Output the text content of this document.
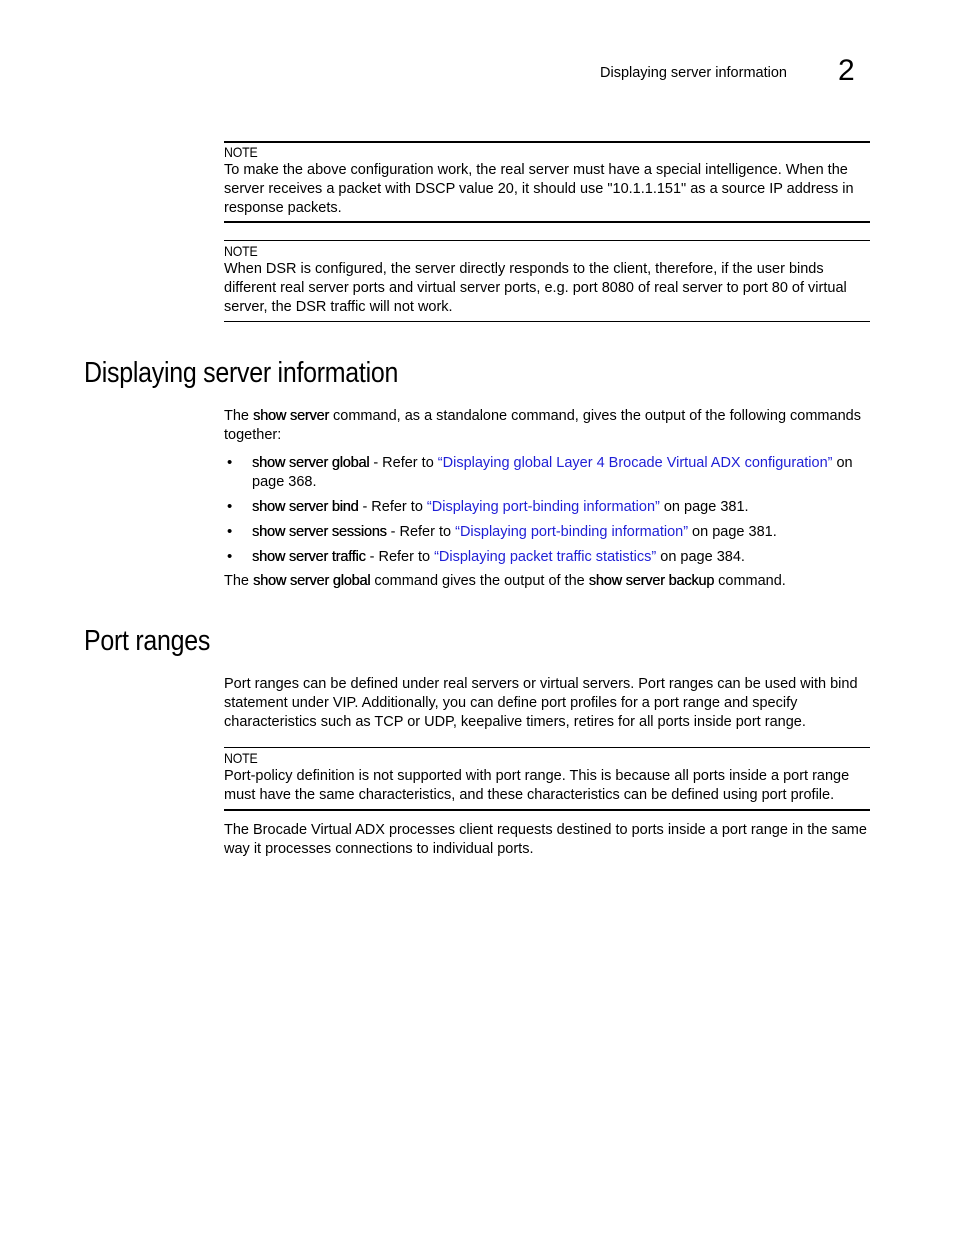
Displaying server information 2
NOTE

To make the above configuration work, the real server must have a special intelligence. When the server receives a packet with DSCP value 20, it should use "10.1.1.151" as a source IP address in response packets.

NOTE

When DSR is configured, the server directly responds to the client, therefore, if the user binds different real server ports and virtual server ports, e.g. port 8080 of real server to port 80 of virtual server, the DSR traffic will not work.

Displaying server information

The show server command, as a standalone command, gives the output of the following commands together:

• show server global - Refer to “Displaying global Layer 4 Brocade Virtual ADX configuration” on page 368.
• show server bind - Refer to “Displaying port-binding information” on page 381.
• show server sessions - Refer to “Displaying port-binding information” on page 381.
• show server traffic - Refer to “Displaying packet traffic statistics” on page 384.

The show server global command gives the output of the show server backup command.

Port ranges

Port ranges can be defined under real servers or virtual servers. Port ranges can be used with bind statement under VIP. Additionally, you can define port profiles for a port range and specify characteristics such as TCP or UDP, keepalive timers, retires for all ports inside port range.

NOTE

Port-policy definition is not supported with port range. This is because all ports inside a port range must have the same characteristics, and these characteristics can be defined using port profile.

The Brocade Virtual ADX processes client requests destined to ports inside a port range in the same way it processes connections to individual ports.
